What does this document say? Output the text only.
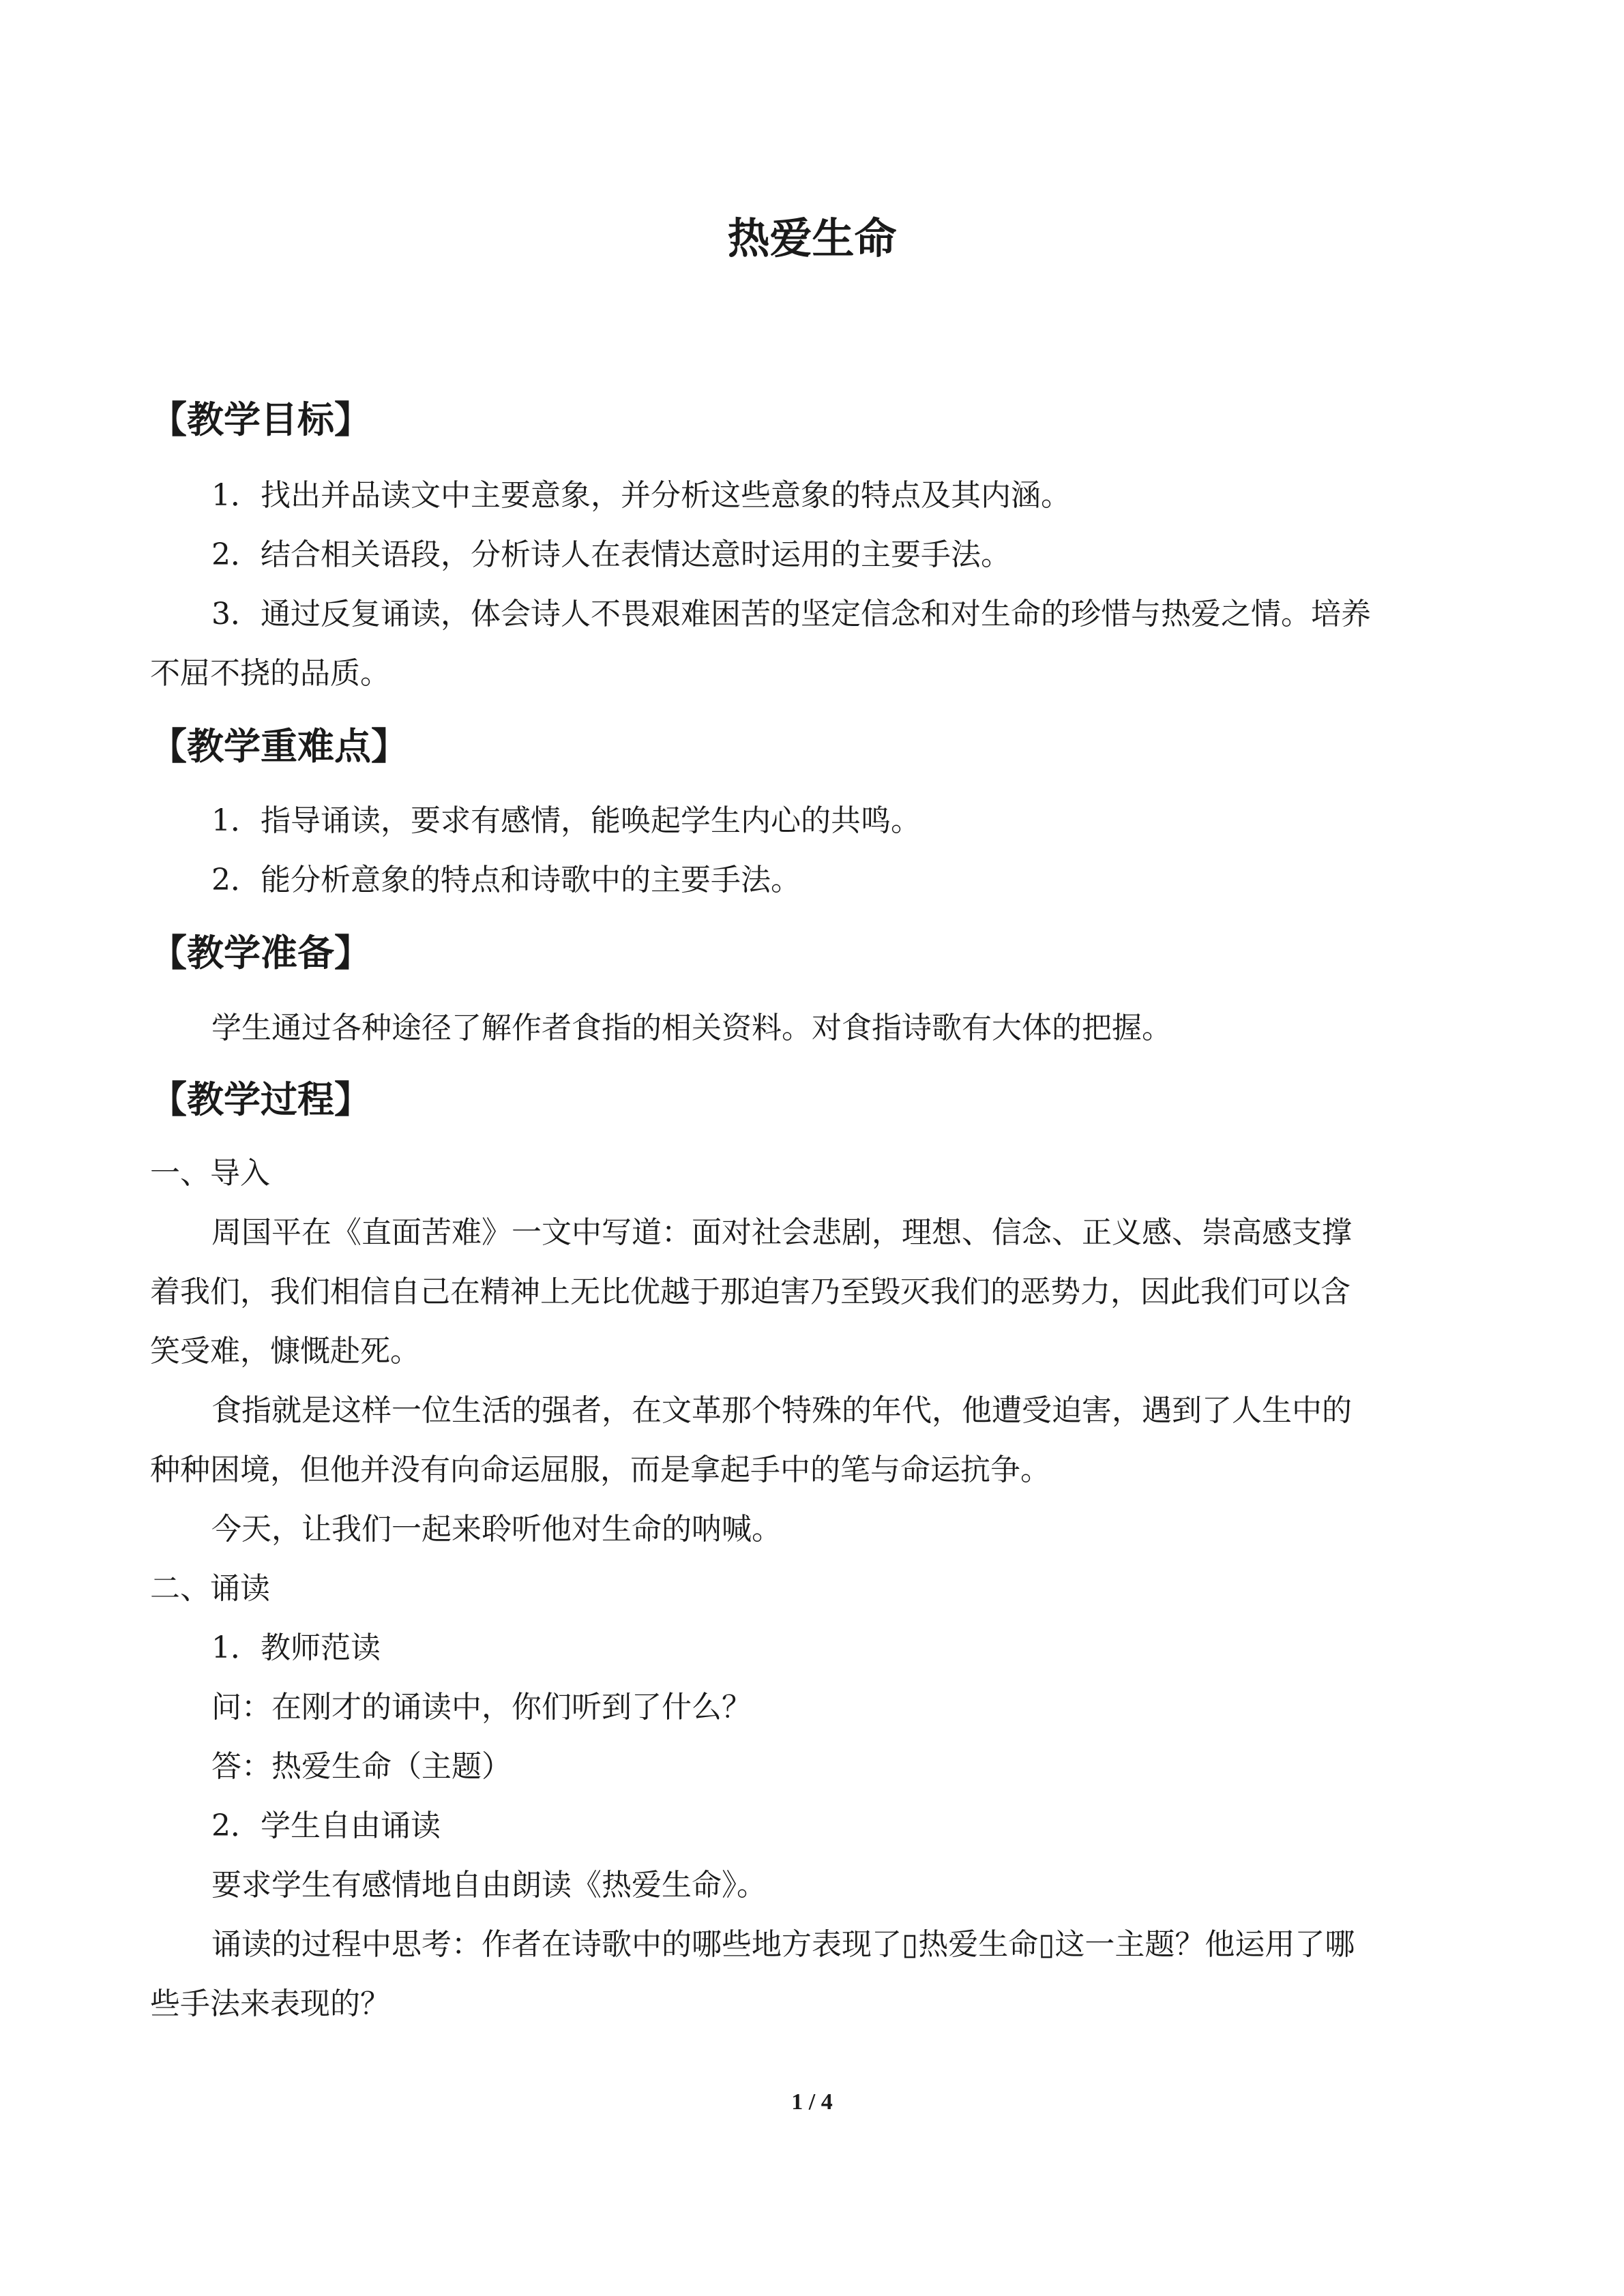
热爱生命
【教学目标】
1．找出并品读文中主要意象，并分析这些意象的特点及其内涵。
2．结合相关语段，分析诗人在表情达意时运用的主要手法。
3．通过反复诵读，体会诗人不畏艰难困苦的坚定信念和对生命的珍惜与热爱之情。培养
不屈不挠的品质。
【教学重难点】
1．指导诵读，要求有感情，能唤起学生内心的共鸣。
2．能分析意象的特点和诗歌中的主要手法。
【教学准备】
学生通过各种途径了解作者食指的相关资料。对食指诗歌有大体的把握。
【教学过程】
一、导入
周国平在《直面苦难》一文中写道：面对社会悲剧，理想、信念、正义感、崇高感支撑
着我们，我们相信自己在精神上无比优越于那迫害乃至毁灭我们的恶势力，因此我们可以含
笑受难，慷慨赴死。
食指就是这样一位生活的强者，在文革那个特殊的年代，他遭受迫害，遇到了人生中的
种种困境，但他并没有向命运屈服，而是拿起手中的笔与命运抗争。
今天，让我们一起来聆听他对生命的呐喊。
二、诵读
1．教师范读
问：在刚才的诵读中，你们听到了什么？
答：热爱生命（主题）
2．学生自由诵读
要求学生有感情地自由朗读《热爱生命》。
诵读的过程中思考：作者在诗歌中的哪些地方表现了▯热爱生命▯这一主题？他运用了哪
些手法来表现的？
1 / 4
